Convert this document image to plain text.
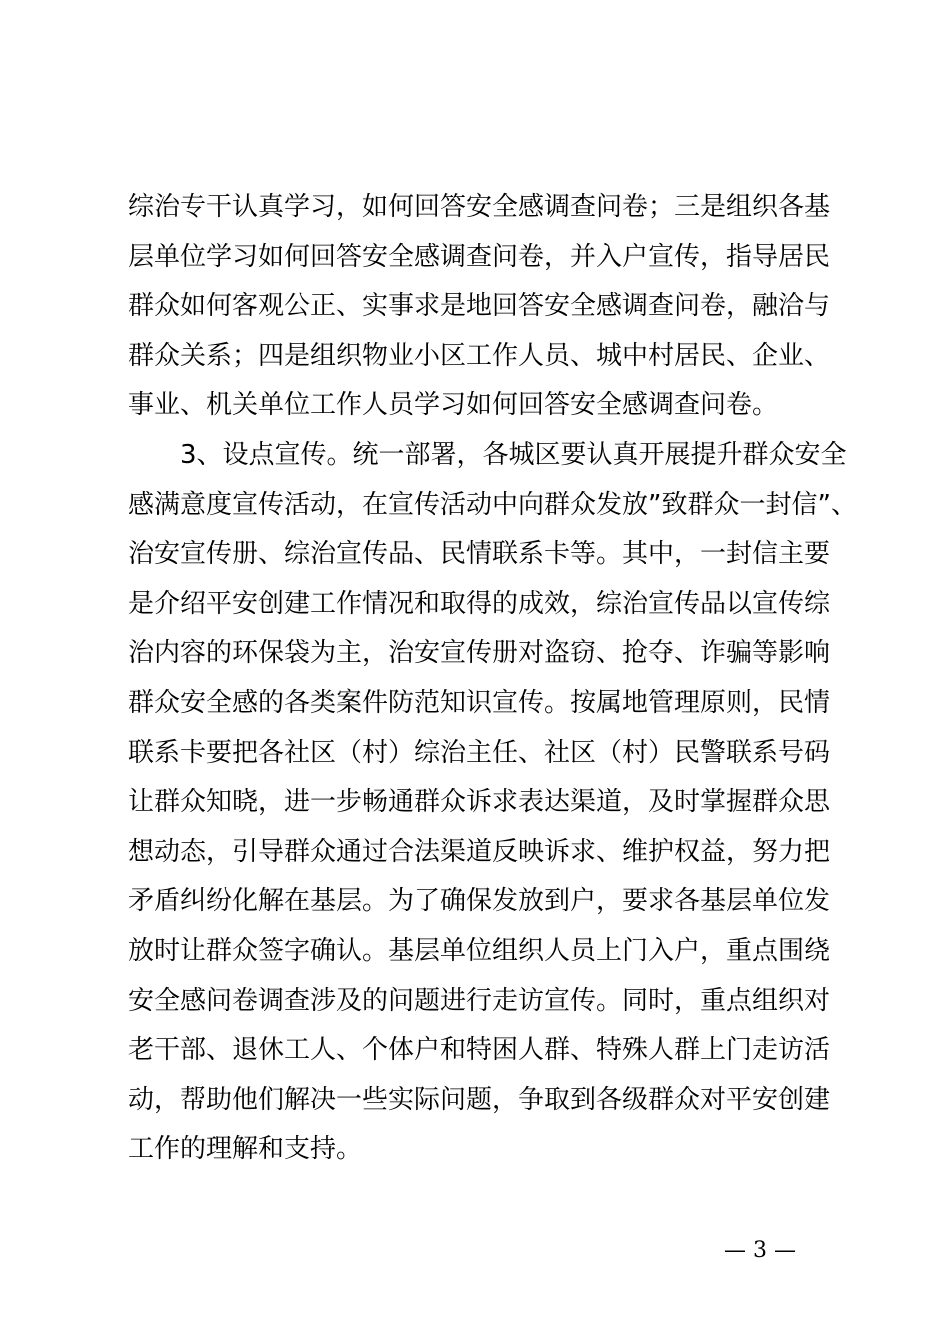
综治专干认真学习，如何回答安全感调查问卷；三是组织各基
层单位学习如何回答安全感调查问卷，并入户宣传，指导居民
群众如何客观公正、实事求是地回答安全感调查问卷，融洽与
群众关系；四是组织物业小区工作人员、城中村居民、企业、
事业、机关单位工作人员学习如何回答安全感调查问卷。
3、设点宣传。统一部署，各城区要认真开展提升群众安全
感满意度宣传活动，在宣传活动中向群众发放”致群众一封信”、
治安宣传册、综治宣传品、民情联系卡等。其中，一封信主要
是介绍平安创建工作情况和取得的成效，综治宣传品以宣传综
治内容的环保袋为主，治安宣传册对盗窃、抢夺、诈骗等影响
群众安全感的各类案件防范知识宣传。按属地管理原则，民情
联系卡要把各社区（村）综治主任、社区（村）民警联系号码
让群众知晓，进一步畅通群众诉求表达渠道，及时掌握群众思
想动态，引导群众通过合法渠道反映诉求、维护权益，努力把
矛盾纠纷化解在基层。为了确保发放到户，要求各基层单位发
放时让群众签字确认。基层单位组织人员上门入户，重点围绕
安全感问卷调查涉及的问题进行走访宣传。同时，重点组织对
老干部、退休工人、个体户和特困人群、特殊人群上门走访活
动，帮助他们解决一些实际问题，争取到各级群众对平安创建
工作的理解和支持。
— 3 —
